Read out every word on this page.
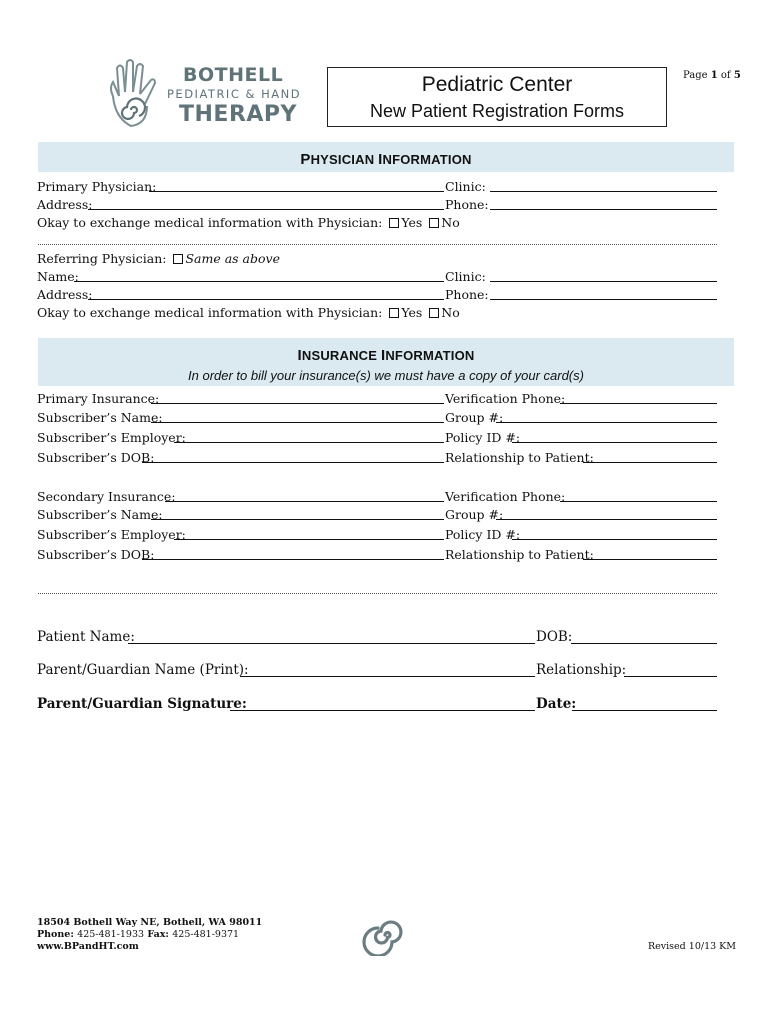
BOTHELL
PEDIATRIC & HAND
THERAPY
Pediatric Center
New Patient Registration Forms
Page 1 of 5
PHYSICIAN INFORMATION
Primary Physician:	Clinic:
Address:	Phone:
Okay to exchange medical information with Physician: Yes No
Referring Physician: Same as above
Name:	Clinic:
Address:	Phone:
Okay to exchange medical information with Physician: Yes No
INSURANCE INFORMATION
In order to bill your insurance(s) we must have a copy of your card(s)
Primary Insurance:	Verification Phone:
Subscriber’s Name:	Group #:
Subscriber’s Employer:	Policy ID #:
Subscriber’s DOB:	Relationship to Patient:
Secondary Insurance:	Verification Phone:
Subscriber’s Name:	Group #:
Subscriber’s Employer:	Policy ID #:
Subscriber’s DOB:	Relationship to Patient:
Patient Name:	DOB:
Parent/Guardian Name (Print):	Relationship:
Parent/Guardian Signature:	Date:
18504 Bothell Way NE, Bothell, WA 98011
Phone: 425-481-1933 Fax: 425-481-9371
www.BPandHT.com	Revised 10/13 KM
